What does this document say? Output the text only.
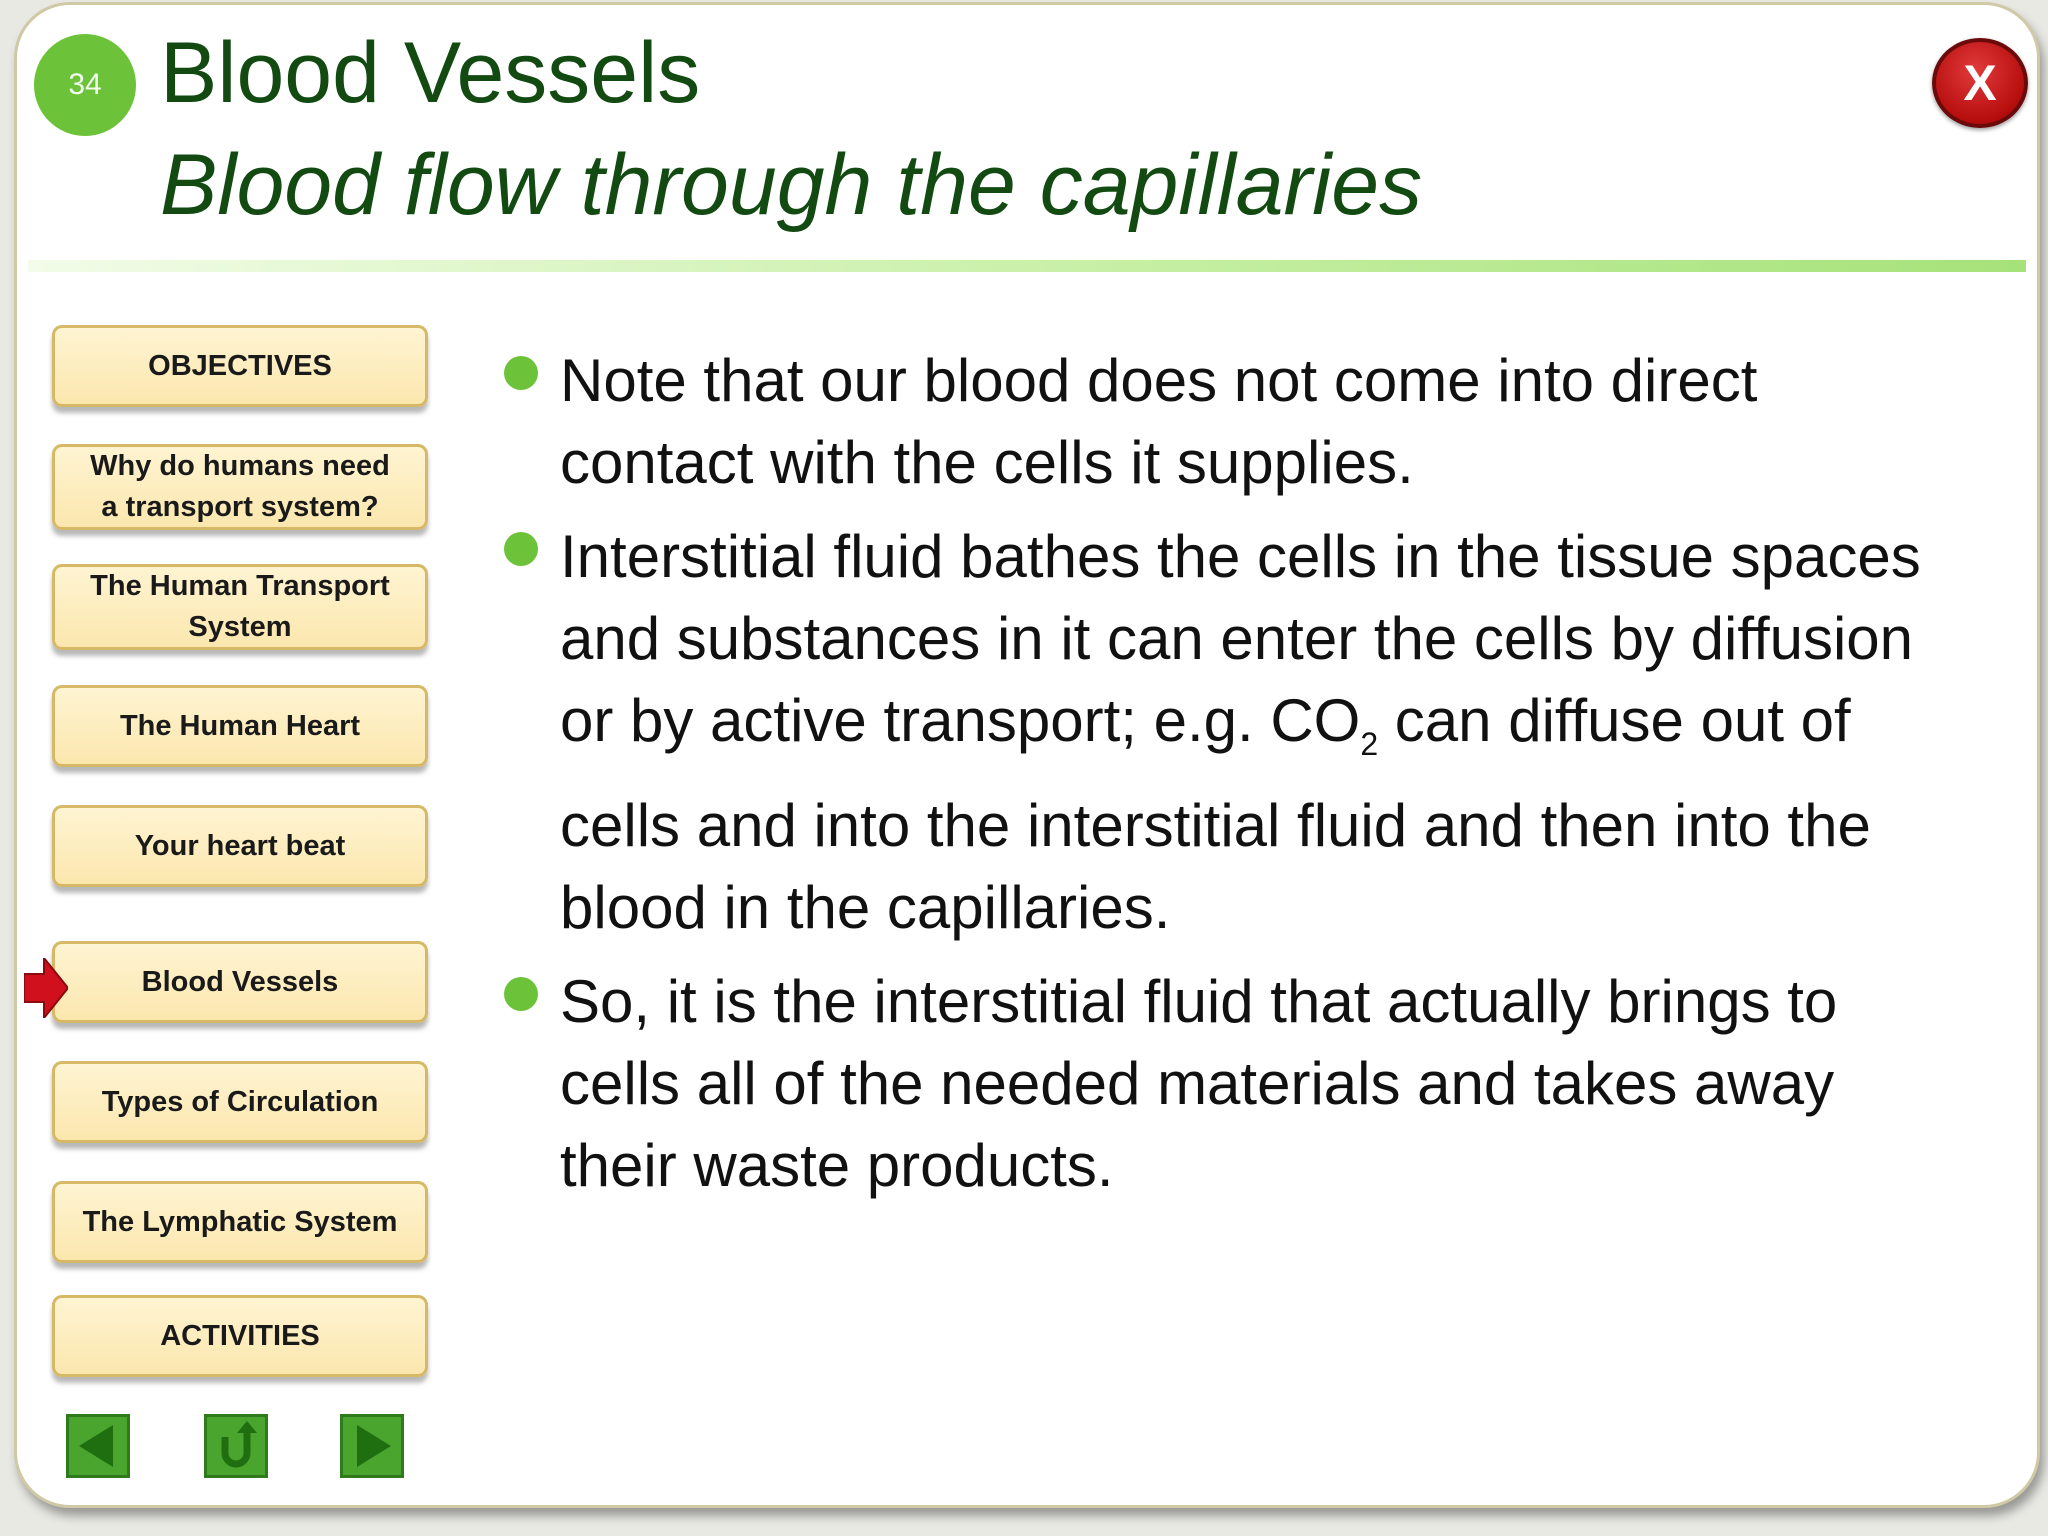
34 Blood Vessels
Blood flow through the capillaries
X
OBJECTIVES
Why do humans need
a transport system?
The Human Transport
System
The Human Heart
Your heart beat
Blood Vessels
Types of Circulation
The Lymphatic System
ACTIVITIES
Note that our blood does not come into direct contact with the cells it supplies.
Interstitial fluid bathes the cells in the tissue spaces and substances in it can enter the cells by diffusion or by active transport; e.g. $CO_2$ can diffuse out of cells and into the interstitial fluid and then into the blood in the capillaries.
So, it is the interstitial fluid that actually brings to cells all of the needed materials and takes away their waste products.
